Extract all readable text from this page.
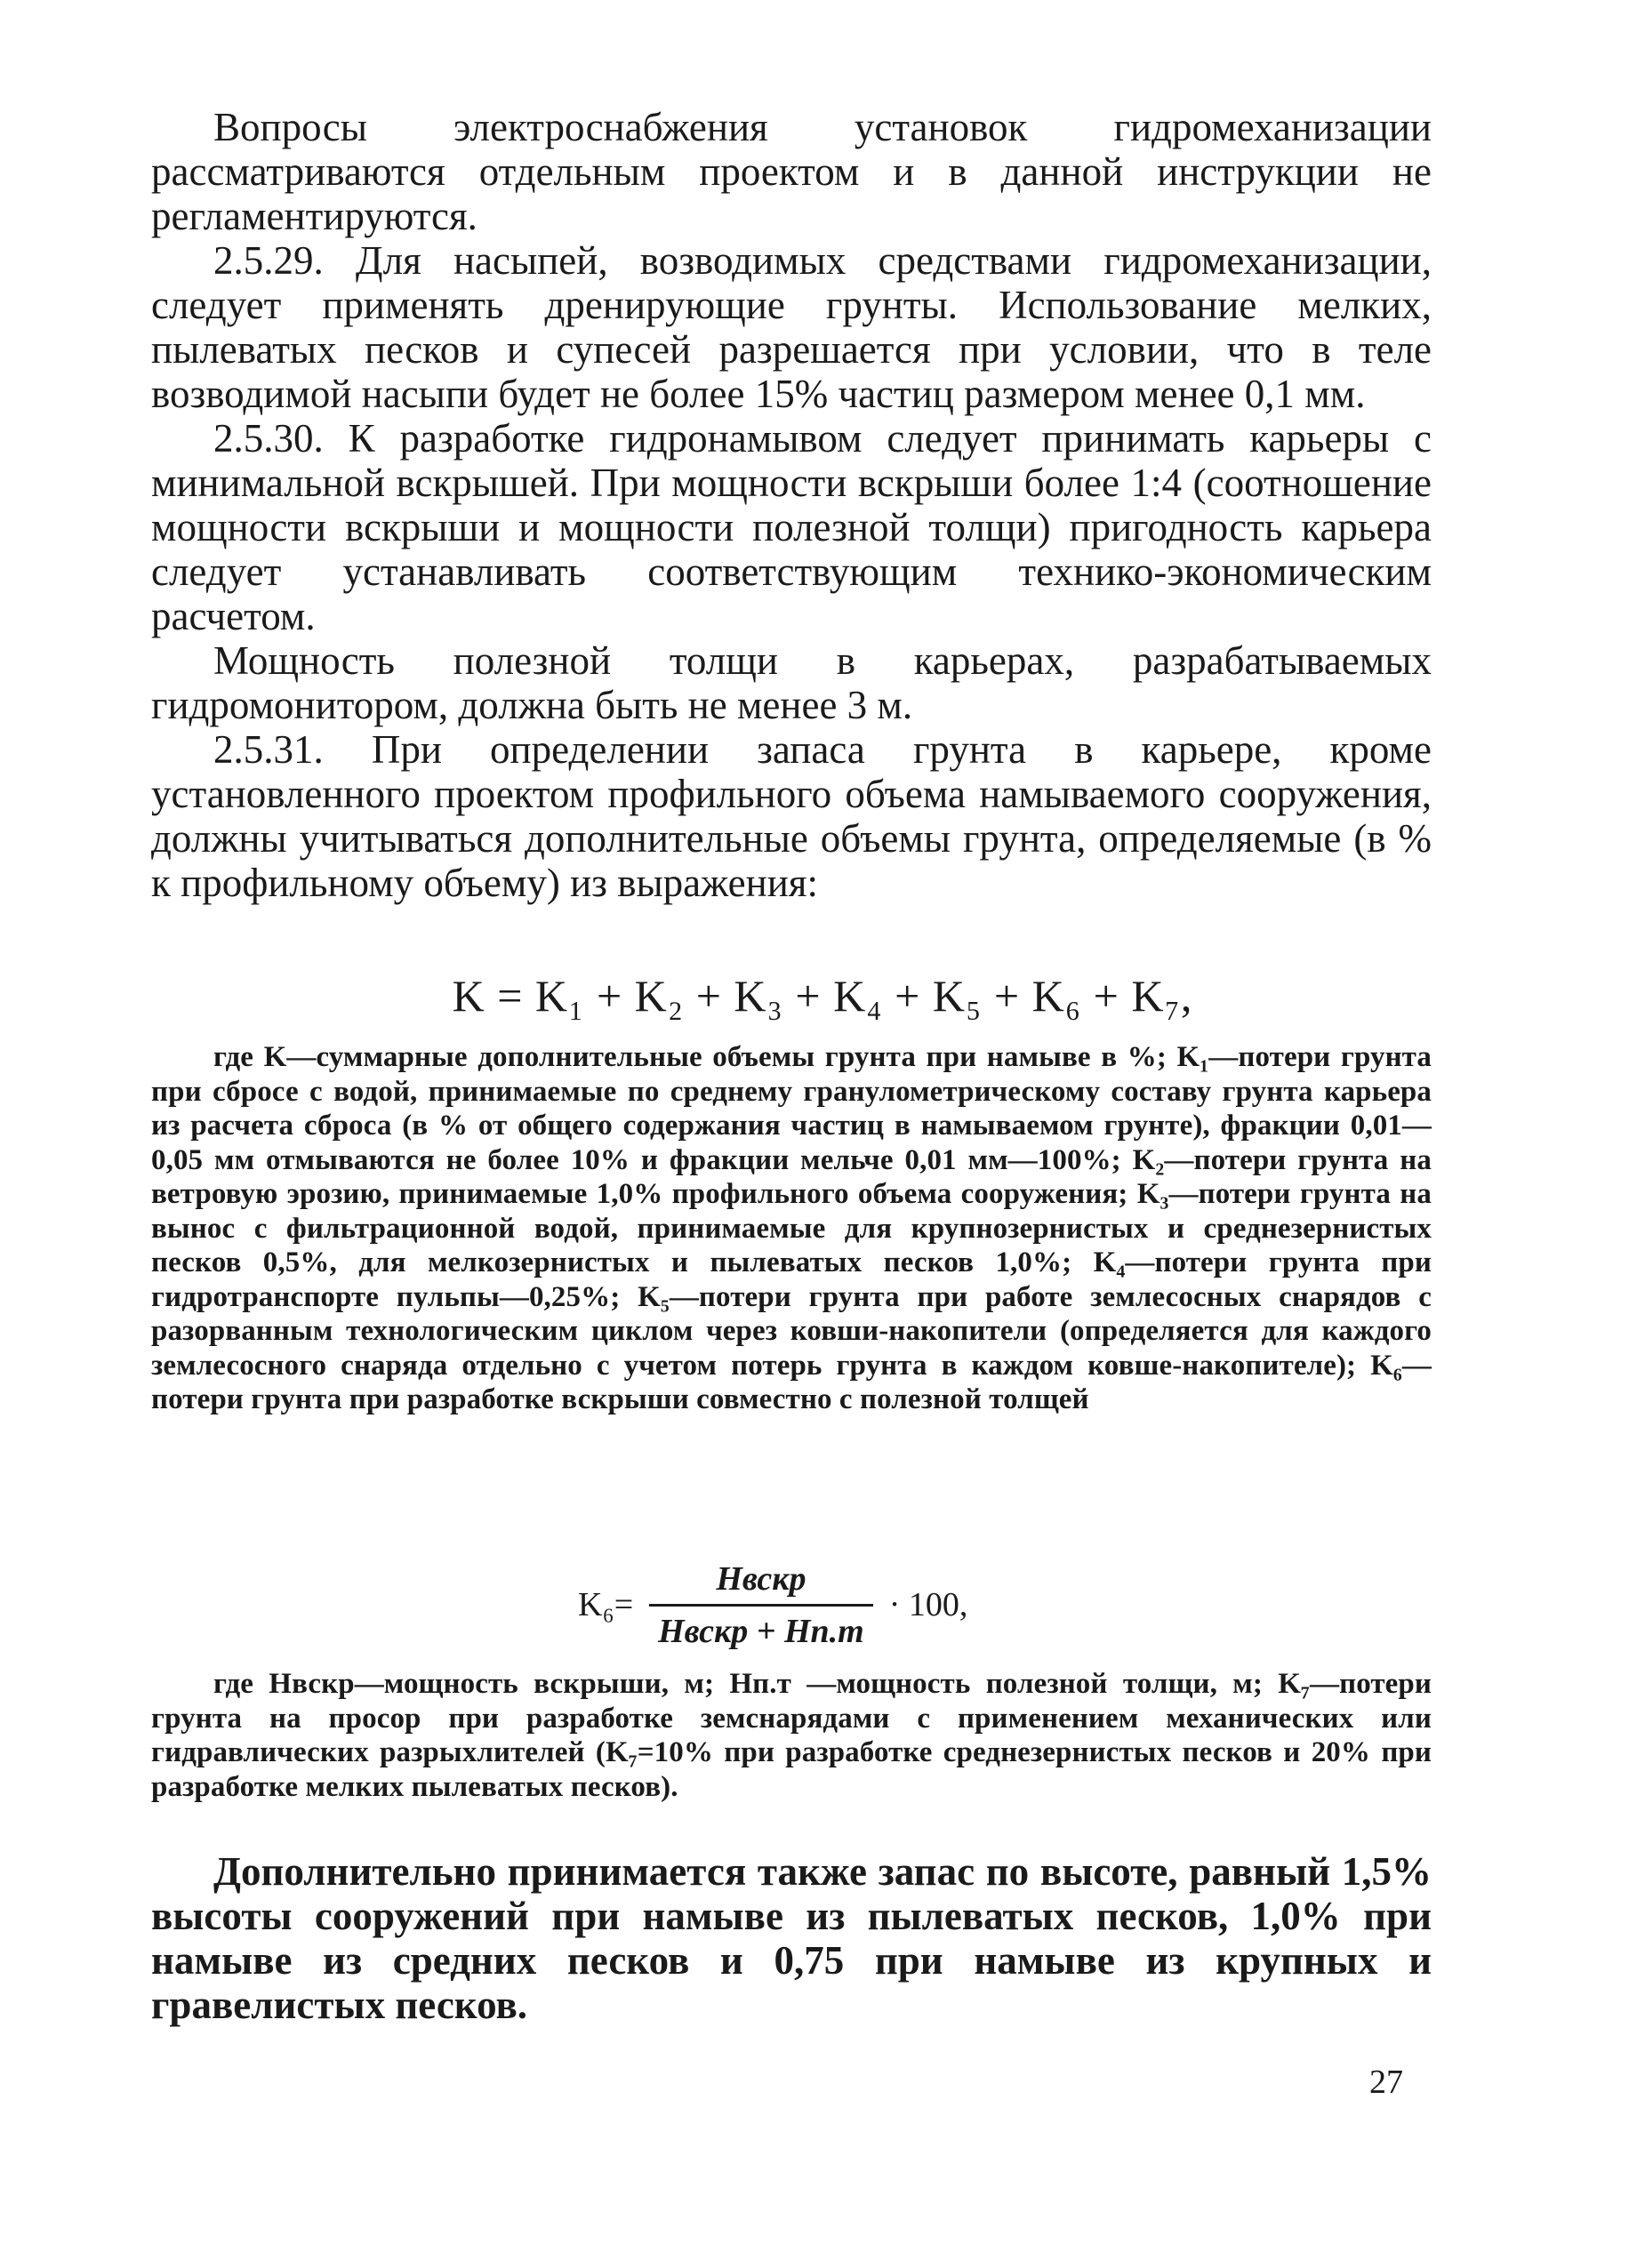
Вопросы электроснабжения установок гидромеханизации рассматриваются отдельным проектом и в данной инструкции не регламентируются.

2.5.29. Для насыпей, возводимых средствами гидромеханизации, следует применять дренирующие грунты. Использование мелких, пылеватых песков и супесей разрешается при условии, что в теле возводимой насыпи будет не более 15% частиц размером менее 0,1 мм.

2.5.30. К разработке гидронамывом следует принимать карьеры с минимальной вскрышей. При мощности вскрыши более 1:4 (соотношение мощности вскрыши и мощности полезной толщи) пригодность карьера следует устанавливать соответствующим технико-экономическим расчетом.

Мощность полезной толщи в карьерах, разрабатываемых гидромонитором, должна быть не менее 3 м.

2.5.31. При определении запаса грунта в карьере, кроме установленного проектом профильного объема намываемого сооружения, должны учитываться дополнительные объемы грунта, определяемые (в % к профильному объему) из выражения:

K = K₁ + K₂ + K₃ + K₄ + K₅ + K₆ + K₇,

где K—суммарные дополнительные объемы грунта при намыве в %; K₁—потери грунта при сбросе с водой, принимаемые по среднему гранулометрическому составу грунта карьера из расчета сброса (в % от общего содержания частиц в намываемом грунте), фракции 0,01—0,05 мм отмываются не более 10% и фракции мельче 0,01 мм—100%; K₂—потери грунта на ветровую эрозию, принимаемые 1,0% профильного объема сооружения; K₃—потери грунта на вынос с фильтрационной водой, принимаемые для крупнозернистых и среднезернистых песков 0,5%, для мелкозернистых и пылеватых песков 1,0%; K₄—потери грунта при гидротранспорте пульпы—0,25%; K₅—потери грунта при работе землесосных снарядов с разорванным технологическим циклом через ковши-накопители (определяется для каждого землесосного снаряда отдельно с учетом потерь грунта в каждом ковше-накопителе); K₆—потери грунта при разработке вскрыши совместно с полезной толщей

$K_6= \frac{\text{Hвскр}}{\text{Hвскр + Hп.т}} \cdot 100$,

где Hвскр—мощность вскрыши, м; Hп.т —мощность полезной толщи, м; K₇—потери грунта на просор при разработке земснарядами с применением механических или гидравлических разрыхлителей (K₇=10% при разработке среднезернистых песков и 20% при разработке мелких пылеватых песков).

Дополнительно принимается также запас по высоте, равный 1,5% высоты сооружений при намыве из пылеватых песков, 1,0% при намыве из средних песков и 0,75 при намыве из крупных и гравелистых песков.

27
